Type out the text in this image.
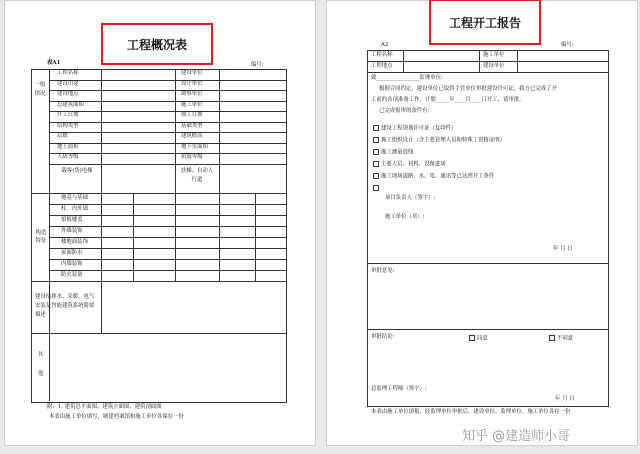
工程概况表
表A1	编号:
一般情况
工程名称	建设单位
建设用途	设计单位
建设地点	勘察单位
总建筑面积	施工单位
开工日期	竣工日期
结构类型	基础类型
层数	建筑檐高
地上面积	地下室面积
人防等级	抗震等级
载客(货)电梯	扶梯、自动人行道
构造特征
地基与基础
柱、内外墙
梁板楼盖
外墙装饰
楼地面装饰
屋面防水
内墙装饰
防火装备
建设给排水、采暖、电气安装及智能建筑系统简要描述
其他
附：1. 建筑总平面图、建筑立面图、建筑剖面图
本表由施工单位填写，城建档案馆和施工单位各保存一份
工程开工报告
A2	编号:
工程名称	施工单位
工程地点	建设单位
致________________监理单位:
根据合同约定，建设单位已取得主管单位审批建设许可证，我方已完成了开
工前的各项准备工作，计划_____年____月____日开工，请审批。
已完成报审的条件有:
建设工程规划许可证（复印件）
施工组织设计（含主要管理人员和特殊工资格证明）
施工测量放线
主要人员、材料、设备进场
施工现场道路、水、电、通讯等已达到开工条件
项目负责人（签字）:
施工单位（章）:
年 月 日
审批意见:
审批结论:	同意	不同意
总监理工程师（签字）:
年 月 日
本表由施工单位填报，经监理单位审批后，建设单位、监理单位、施工单位各存一份
知乎 @建造师小哥
